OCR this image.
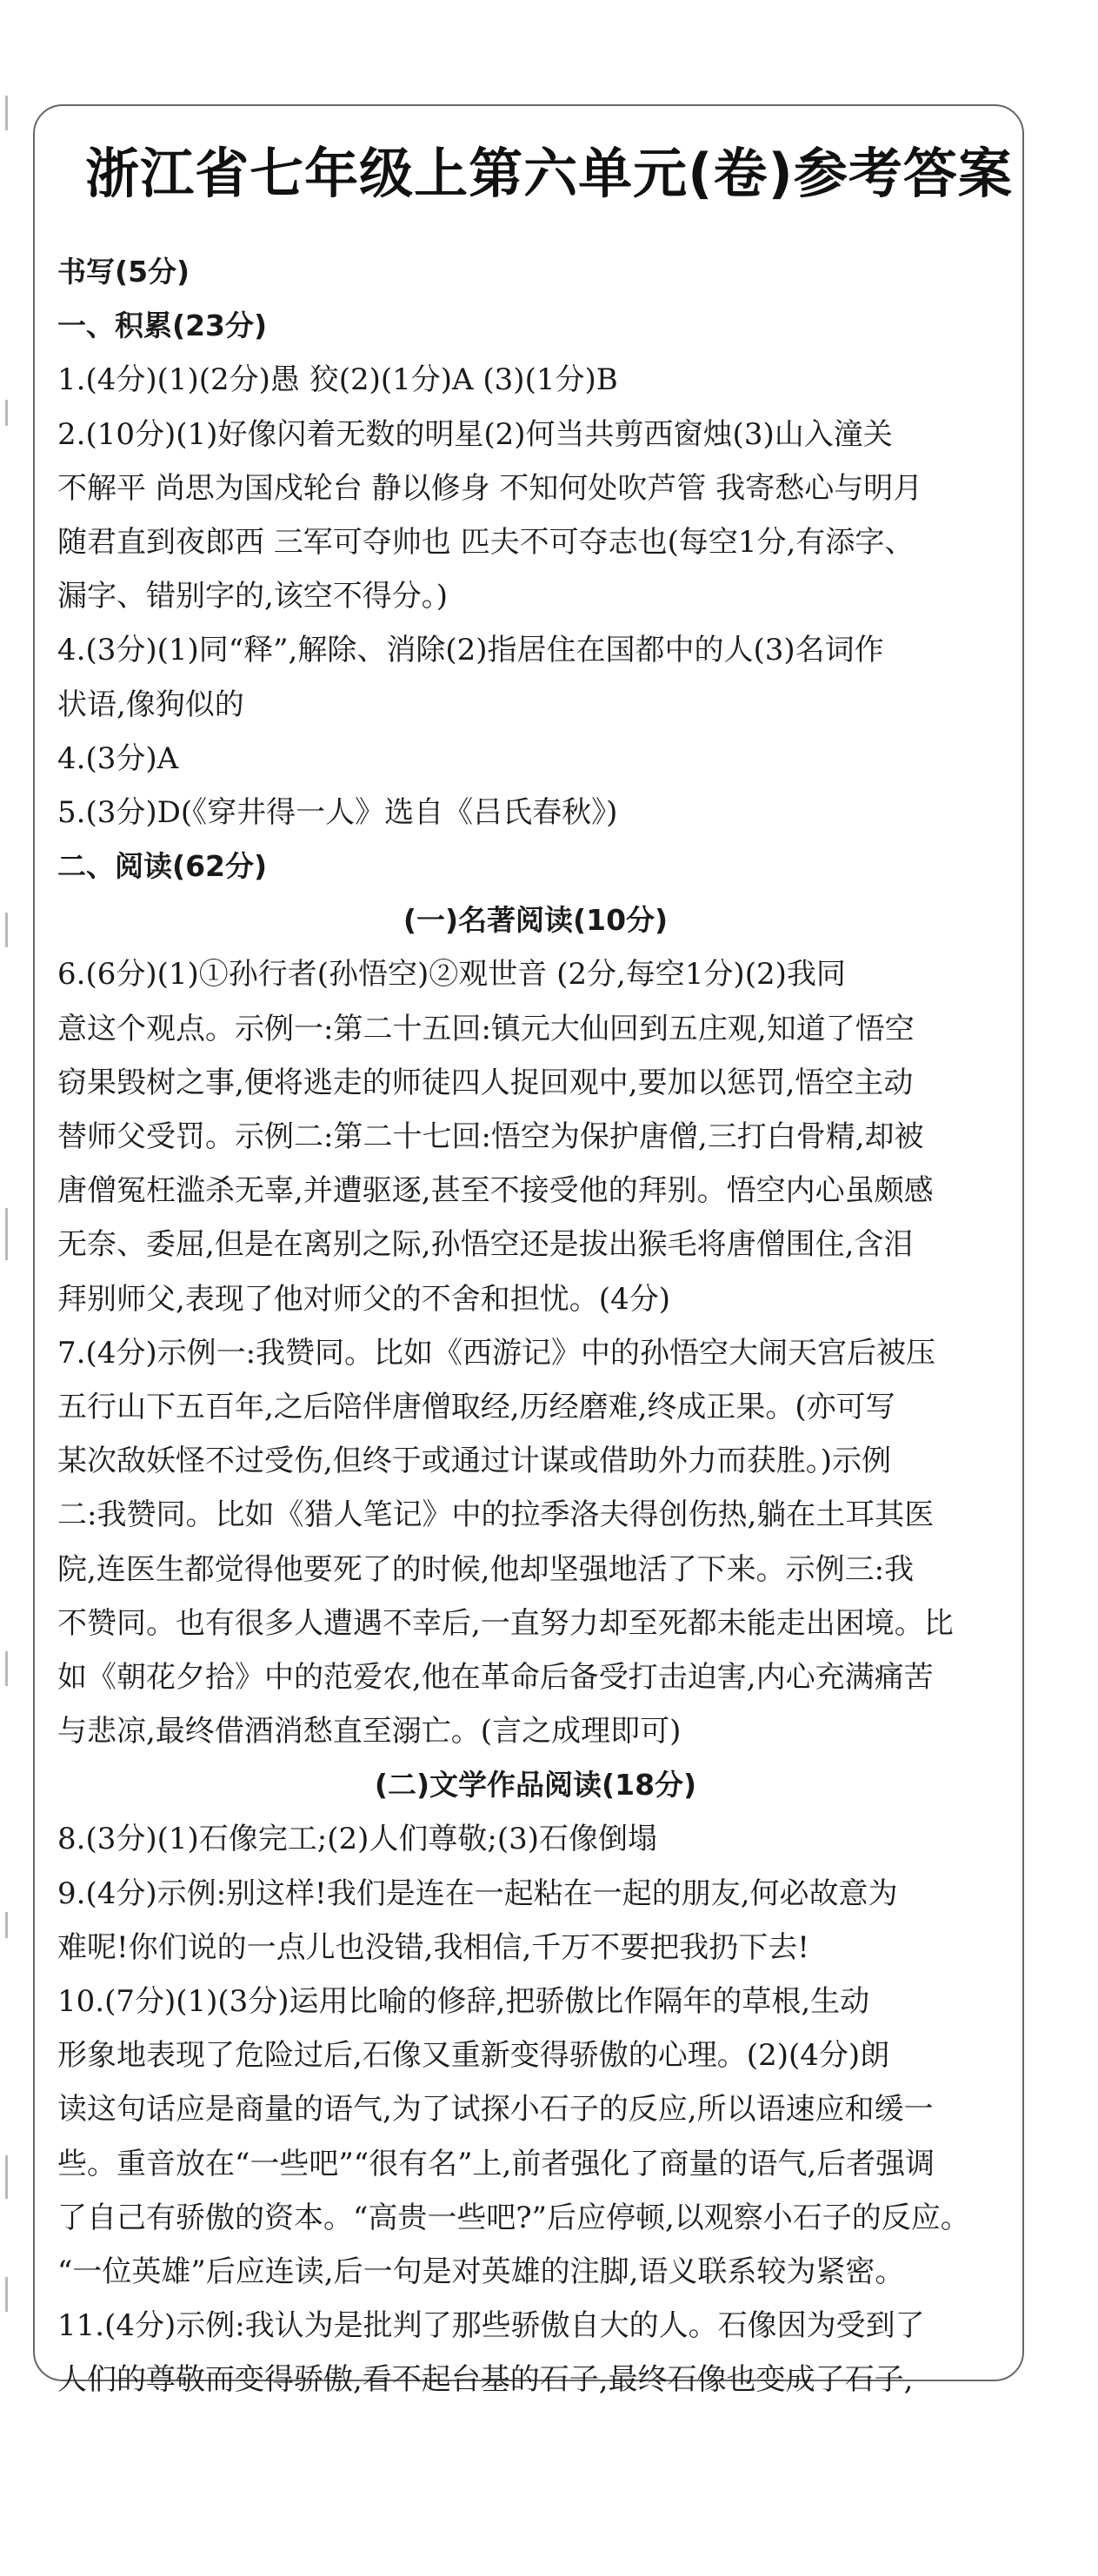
浙江省七年级上第六单元(卷)参考答案
书写(5分)
一、积累(23分)
1.(4分)(1)(2分)愚 狡(2)(1分)A (3)(1分)B
2.(10分)(1)好像闪着无数的明星(2)何当共剪西窗烛(3)山入潼关
不解平 尚思为国戍轮台 静以修身 不知何处吹芦管 我寄愁心与明月
随君直到夜郎西 三军可夺帅也 匹夫不可夺志也(每空1分,有添字、
漏字、错别字的,该空不得分。)
4.(3分)(1)同“释”,解除、消除(2)指居住在国都中的人(3)名词作
状语,像狗似的
4.(3分)A
5.(3分)D(《穿井得一人》选自《吕氏春秋》)
二、阅读(62分)
(一)名著阅读(10分)
6.(6分)(1)①孙行者(孙悟空)②观世音 (2分,每空1分)(2)我同
意这个观点。示例一:第二十五回:镇元大仙回到五庄观,知道了悟空
窃果毁树之事,便将逃走的师徒四人捉回观中,要加以惩罚,悟空主动
替师父受罚。示例二:第二十七回:悟空为保护唐僧,三打白骨精,却被
唐僧冤枉滥杀无辜,并遭驱逐,甚至不接受他的拜别。悟空内心虽颇感
无奈、委屈,但是在离别之际,孙悟空还是拔出猴毛将唐僧围住,含泪
拜别师父,表现了他对师父的不舍和担忧。(4分)
7.(4分)示例一:我赞同。比如《西游记》中的孙悟空大闹天宫后被压
五行山下五百年,之后陪伴唐僧取经,历经磨难,终成正果。(亦可写
某次敌妖怪不过受伤,但终于或通过计谋或借助外力而获胜。)示例
二:我赞同。比如《猎人笔记》中的拉季洛夫得创伤热,躺在土耳其医
院,连医生都觉得他要死了的时候,他却坚强地活了下来。示例三:我
不赞同。也有很多人遭遇不幸后,一直努力却至死都未能走出困境。比
如《朝花夕拾》中的范爱农,他在革命后备受打击迫害,内心充满痛苦
与悲凉,最终借酒消愁直至溺亡。(言之成理即可)
(二)文学作品阅读(18分)
8.(3分)(1)石像完工;(2)人们尊敬;(3)石像倒塌
9.(4分)示例:别这样!我们是连在一起粘在一起的朋友,何必故意为
难呢!你们说的一点儿也没错,我相信,千万不要把我扔下去!
10.(7分)(1)(3分)运用比喻的修辞,把骄傲比作隔年的草根,生动
形象地表现了危险过后,石像又重新变得骄傲的心理。(2)(4分)朗
读这句话应是商量的语气,为了试探小石子的反应,所以语速应和缓一
些。重音放在“一些吧”“很有名”上,前者强化了商量的语气,后者强调
了自己有骄傲的资本。“高贵一些吧?”后应停顿,以观察小石子的反应。
“一位英雄”后应连读,后一句是对英雄的注脚,语义联系较为紧密。
11.(4分)示例:我认为是批判了那些骄傲自大的人。石像因为受到了
人们的尊敬而变得骄傲,看不起台基的石子,最终石像也变成了石子,
